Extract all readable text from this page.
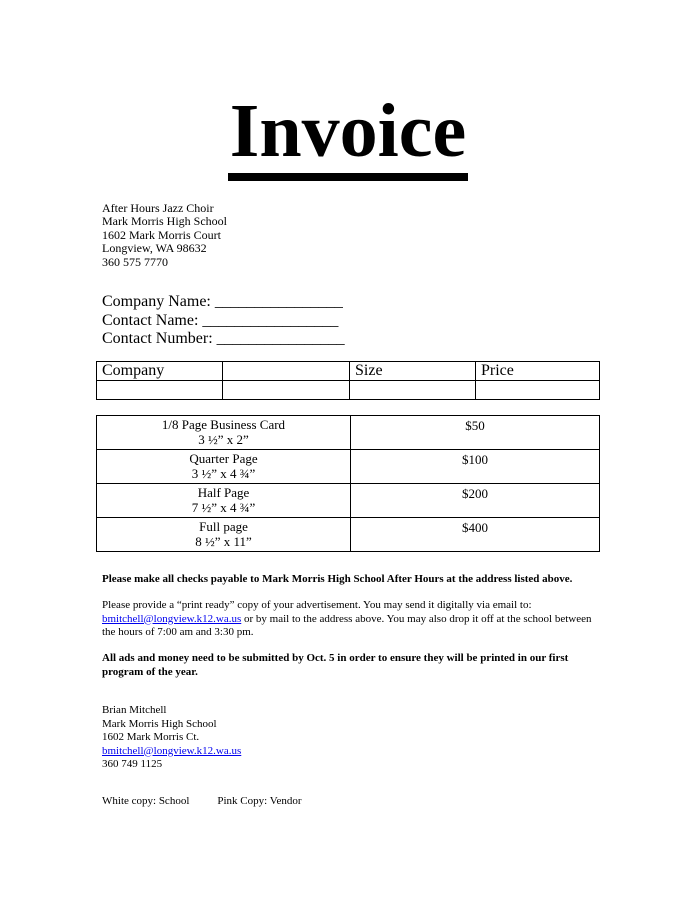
Invoice
After Hours Jazz Choir
Mark Morris High School
1602 Mark Morris Court
Longview, WA 98632
360 575 7770
Company Name: ________________
Contact Name: _________________
Contact Number: ________________
Company		Size	Price

1/8 Page Business Card
3 ½” x 2”	$50

Quarter Page
3 ½” x 4 ¾”	$100

Half Page
7 ½” x 4 ¾”	$200

Full page
8 ½” x 11”	$400
Please make all checks payable to Mark Morris High School After Hours at the address listed above.
Please provide a “print ready” copy of your advertisement. You may send it digitally via email to:
bmitchell@longview.k12.wa.us or by mail to the address above. You may also drop it off at the school between the hours of 7:00 am and 3:30 pm.
All ads and money need to be submitted by Oct. 5 in order to ensure they will be printed in our first program of the year.
Brian Mitchell
Mark Morris High School
1602 Mark Morris Ct.
bmitchell@longview.k12.wa.us
360 749 1125
White copy: School	Pink Copy: Vendor
